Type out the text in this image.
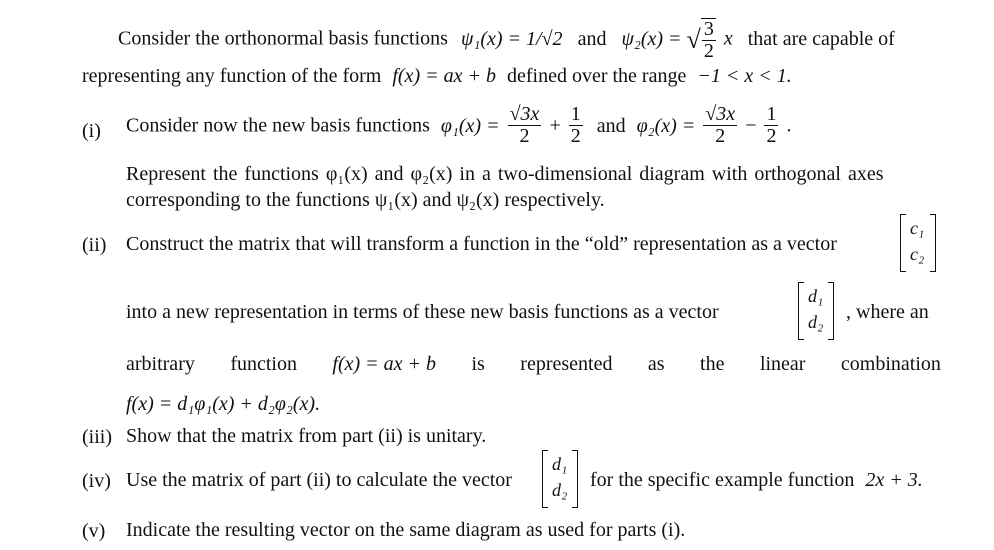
Consider the orthonormal basis functions ψ₁(x) = 1/√2 and ψ₂(x) = √ $\frac{3}{2}$ x that are capable of
representing any function of the form f(x) = ax + b defined over the range −1 < x < 1.
(i) Consider now the new basis functions $\varphi_1(x) = \frac{√3x}{2} + \frac{1}{2}$ and $\varphi_2(x) = \frac{√3x}{2} - \frac{1}{2}$ .
Represent the functions φ₁(x) and φ₂(x) in a two-dimensional diagram with orthogonal axes
corresponding to the functions ψ₁(x) and ψ₂(x) respectively.
(ii) Construct the matrix that will transform a function in the “old” representation as a vector
c₁
c₂
into a new representation in terms of these new basis functions as a vector
d₁
d₂ , where an
arbitrary function f(x) = ax + b is represented as the linear combination
f(x) = d₁φ₁(x) + d₂φ₂(x).
(iii) Show that the matrix from part (ii) is unitary.
(iv) Use the matrix of part (ii) to calculate the vector
d₁
d₂ for the specific example function 2x + 3.
(v) Indicate the resulting vector on the same diagram as used for parts (i).
